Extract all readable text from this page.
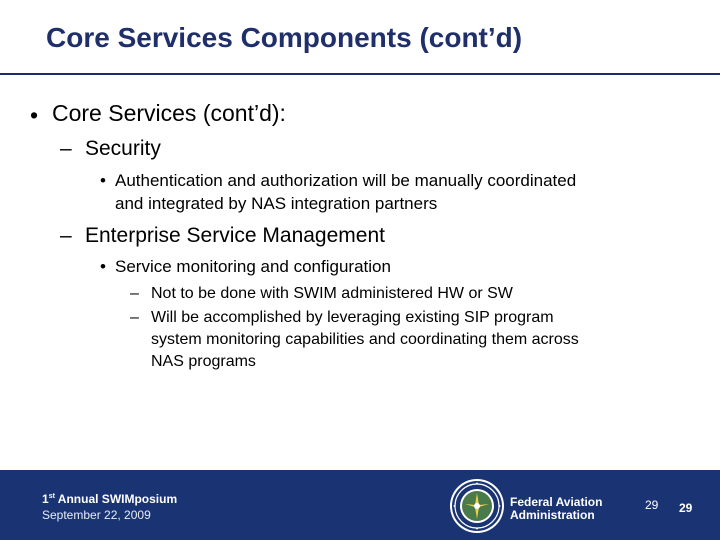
Core Services Components (cont’d)
• Core Services (cont’d):
– Security
• Authentication and authorization will be manually coordinated
and integrated by NAS integration partners
– Enterprise Service Management
• Service monitoring and configuration
– Not to be done with SWIM administered HW or SW
– Will be accomplished by leveraging existing SIP program
system monitoring capabilities and coordinating them across
NAS programs
1st Annual SWIMposium
September 22, 2009
Federal Aviation
Administration
29 29
